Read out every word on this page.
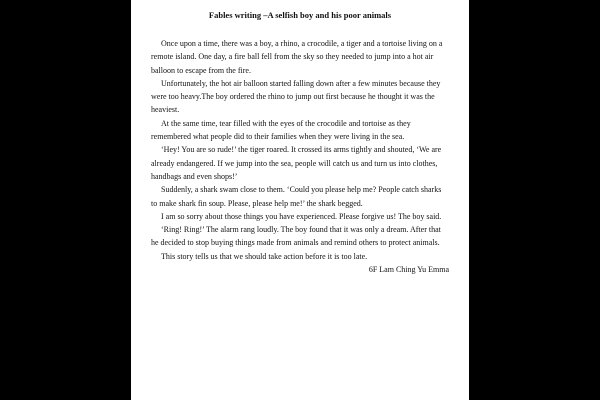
Fables writing –A selfish boy and his poor animals

Once upon a time, there was a boy, a rhino, a crocodile, a tiger and a tortoise living on a remote island. One day, a fire ball fell from the sky so they needed to jump into a hot air balloon to escape from the fire.

Unfortunately, the hot air balloon started falling down after a few minutes because they were too heavy.The boy ordered the rhino to jump out first because he thought it was the heaviest.

At the same time, tear filled with the eyes of the crocodile and tortoise as they remembered what people did to their families when they were living in the sea.

‘Hey! You are so rude!’ the tiger roared. It crossed its arms tightly and shouted, ‘We are already endangered. If we jump into the sea, people will catch us and turn us into clothes, handbags and even shops!’

Suddenly, a shark swam close to them. ‘Could you please help me? People catch sharks to make shark fin soup. Please, please help me!’ the shark begged.

I am so sorry about those things you have experienced. Please forgive us! The boy said.

‘Ring! Ring!’ The alarm rang loudly. The boy found that it was only a dream. After that he decided to stop buying things made from animals and remind others to protect animals.

This story tells us that we should take action before it is too late.

6F Lam Ching Yu Emma
